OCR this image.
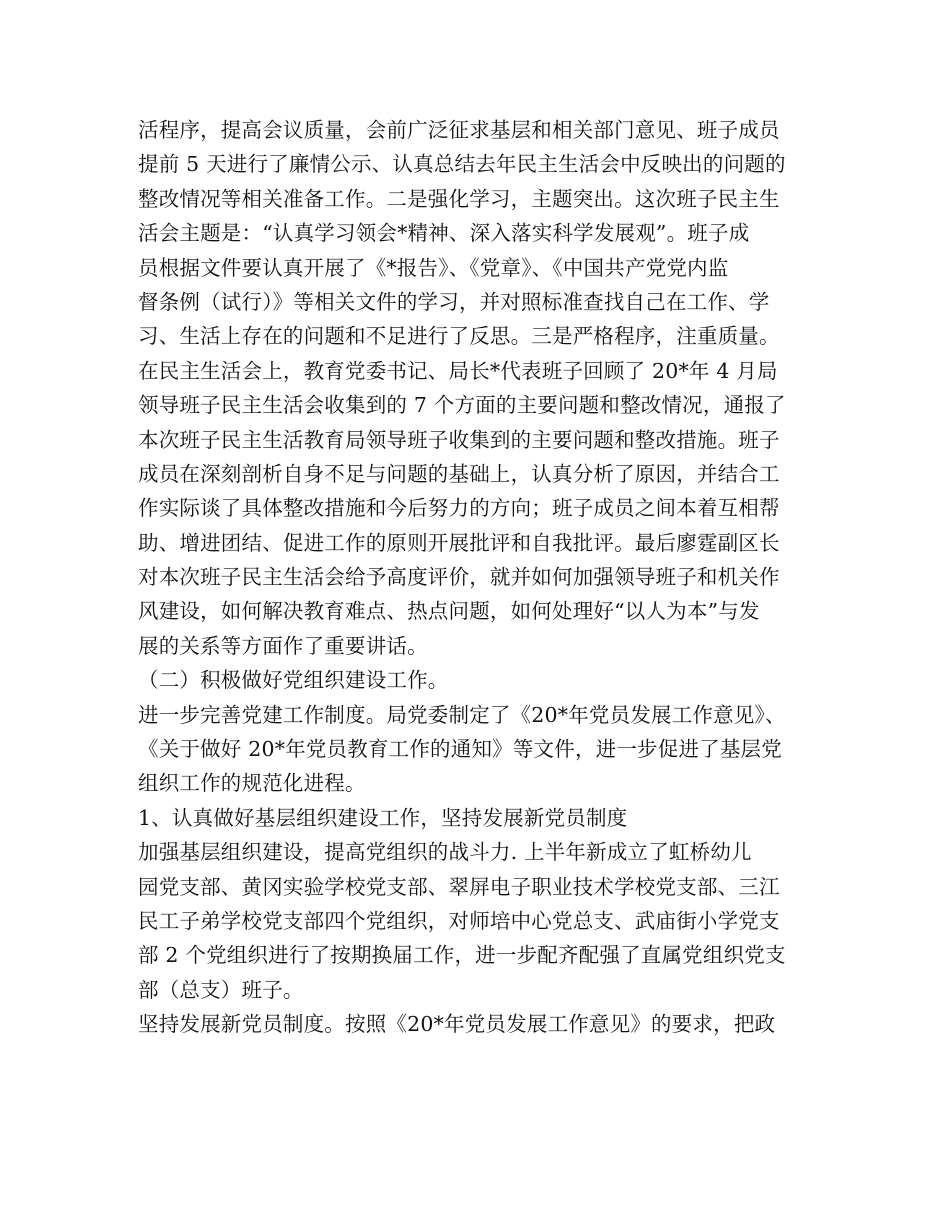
活程序，提高会议质量，会前广泛征求基层和相关部门意见、班子成员
提前 5 天进行了廉情公示、认真总结去年民主生活会中反映出的问题的
整改情况等相关准备工作。二是强化学习，主题突出。这次班子民主生
活会主题是：“认真学习领会*精神、深入落实科学发展观”。班子成
员根据文件要认真开展了《*报告》、《党章》、《中国共产党党内监
督条例（试行）》等相关文件的学习，并对照标准查找自己在工作、学
习、生活上存在的问题和不足进行了反思。三是严格程序，注重质量。
在民主生活会上，教育党委书记、局长*代表班子回顾了 20*年 4 月局
领导班子民主生活会收集到的 7 个方面的主要问题和整改情况，通报了
本次班子民主生活教育局领导班子收集到的主要问题和整改措施。班子
成员在深刻剖析自身不足与问题的基础上，认真分析了原因，并结合工
作实际谈了具体整改措施和今后努力的方向；班子成员之间本着互相帮
助、增进团结、促进工作的原则开展批评和自我批评。最后廖霆副区长
对本次班子民主生活会给予高度评价，就并如何加强领导班子和机关作
风建设，如何解决教育难点、热点问题，如何处理好“以人为本”与发
展的关系等方面作了重要讲话。
（二）积极做好党组织建设工作。
进一步完善党建工作制度。局党委制定了《20*年党员发展工作意见》、
《关于做好 20*年党员教育工作的通知》等文件，进一步促进了基层党
组织工作的规范化进程。
1、认真做好基层组织建设工作，坚持发展新党员制度
加强基层组织建设，提高党组织的战斗力. 上半年新成立了虹桥幼儿
园党支部、黄冈实验学校党支部、翠屏电子职业技术学校党支部、三江
民工子弟学校党支部四个党组织，对师培中心党总支、武庙街小学党支
部 2 个党组织进行了按期换届工作，进一步配齐配强了直属党组织党支
部（总支）班子。
坚持发展新党员制度。按照《20*年党员发展工作意见》的要求，把政
